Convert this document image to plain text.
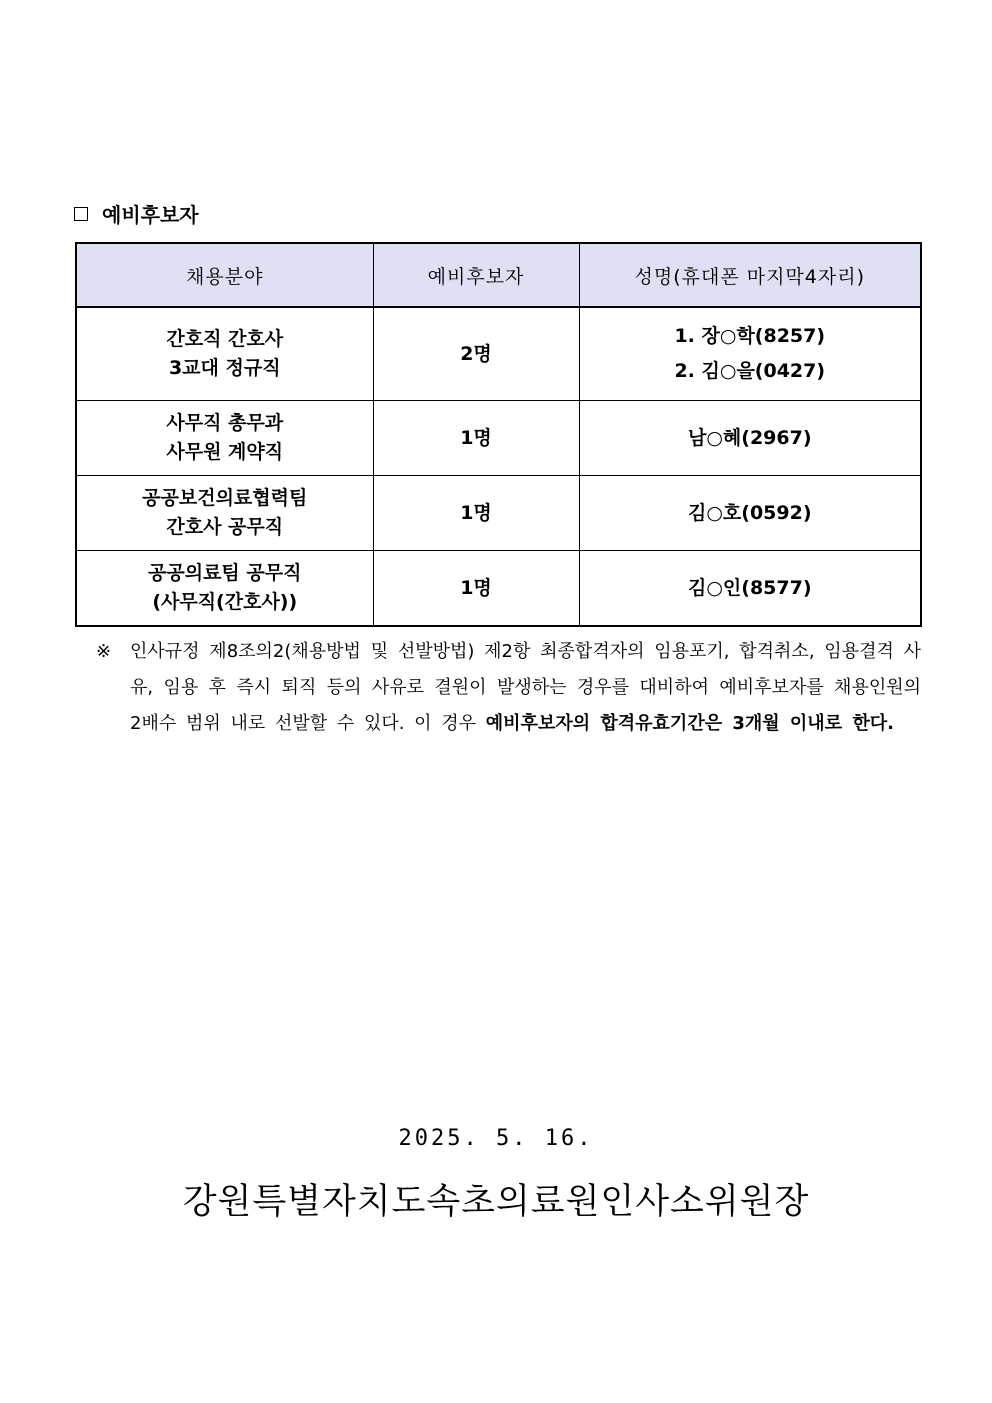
예비후보자
채용분야	예비후보자	성명(휴대폰 마지막4자리)

간호직 간호사
3교대 정규직	2명	1. 장○학(8257)
2. 김○을(0427)

사무직 총무과
사무원 계약직	1명	남○혜(2967)

공공보건의료협력팀
간호사 공무직	1명	김○호(0592)

공공의료팀 공무직
(사무직(간호사))	1명	김○인(8577)
※	인사규정 제8조의2(채용방법 및 선발방법) 제2항 최종합격자의 임용포기, 합격취소, 임용결격 사유, 임용 후 즉시 퇴직 등의 사유로 결원이 발생하는 경우를 대비하여 예비후보자를 채용인원의 2배수 범위 내로 선발할 수 있다. 이 경우 예비후보자의 합격유효기간은 3개월 이내로 한다.
2025. 5. 16.
강원특별자치도속초의료원인사소위원장
